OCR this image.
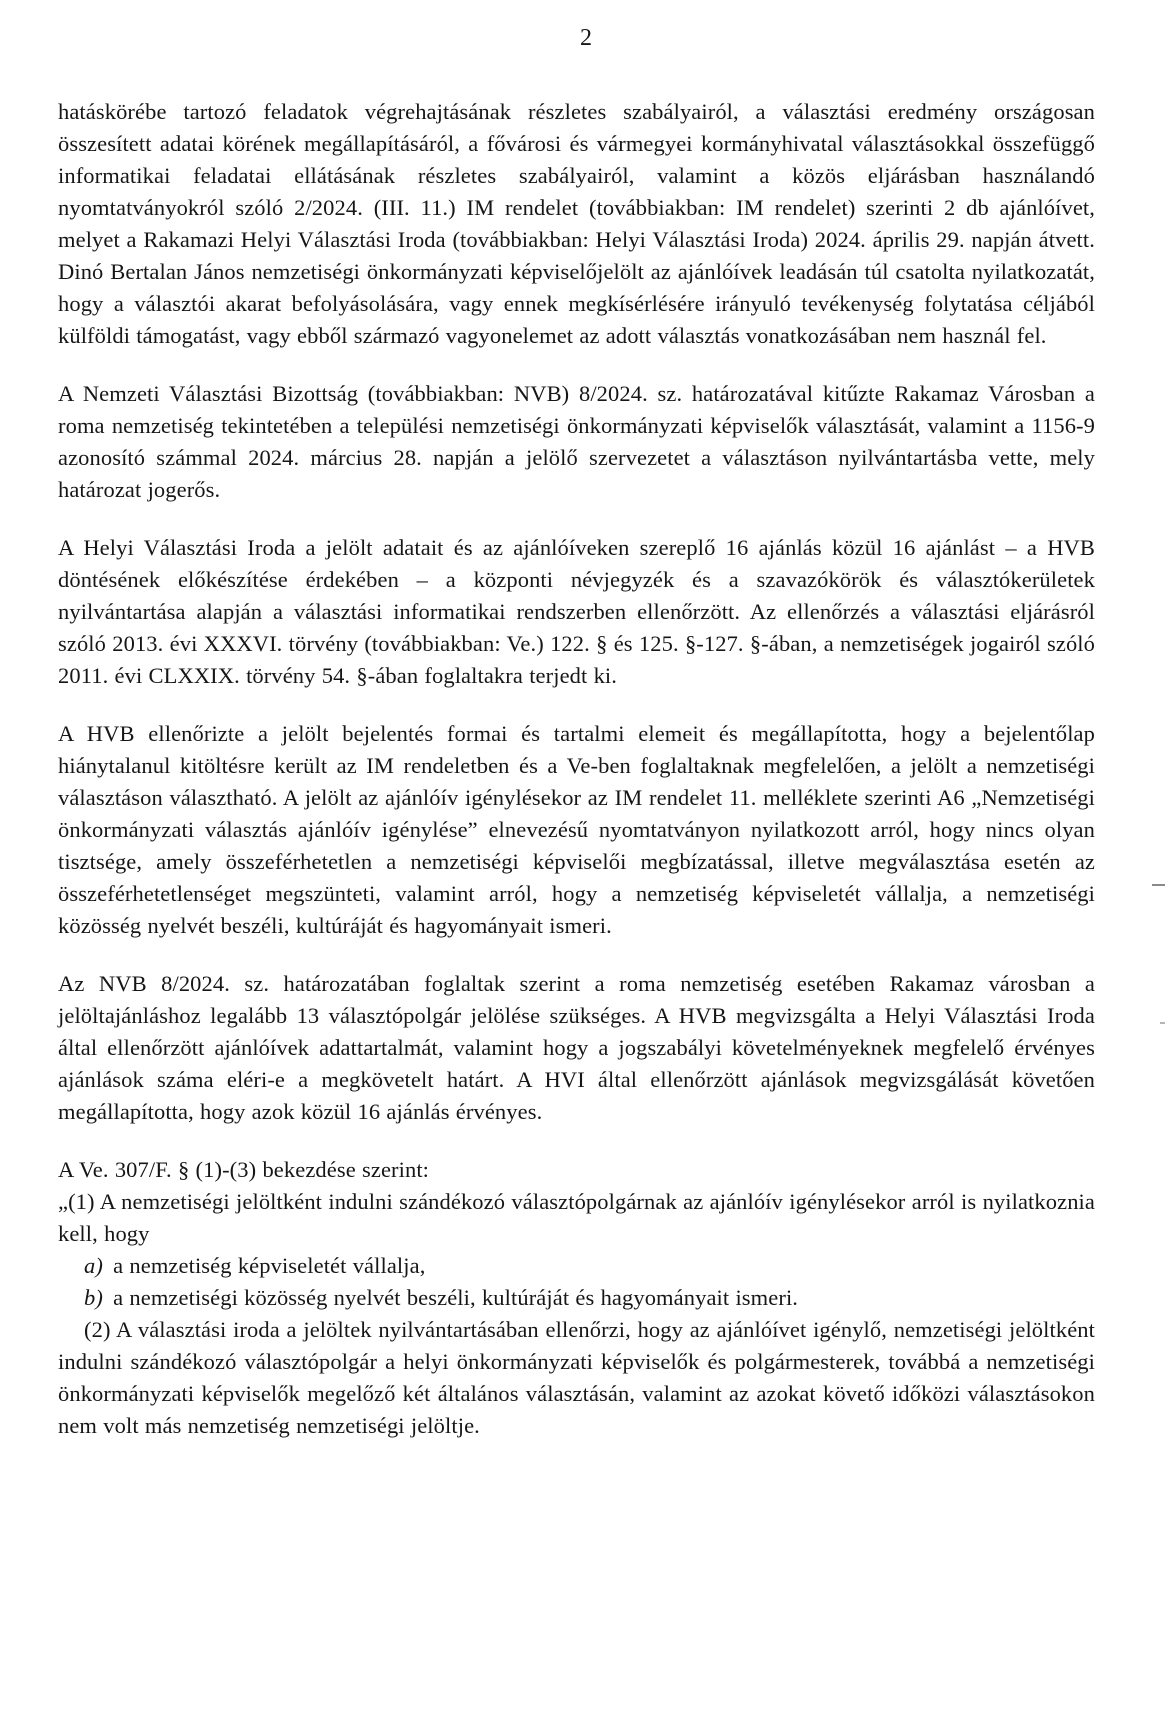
2

hatáskörébe tartozó feladatok végrehajtásának részletes szabályairól, a választási eredmény országosan összesített adatai körének megállapításáról, a fővárosi és vármegyei kormányhivatal választásokkal összefüggő informatikai feladatai ellátásának részletes szabályairól, valamint a közös eljárásban használandó nyomtatványokról szóló 2/2024. (III. 11.) IM rendelet (továbbiakban: IM rendelet) szerinti 2 db ajánlóívet, melyet a Rakamazi Helyi Választási Iroda (továbbiakban: Helyi Választási Iroda) 2024. április 29. napján átvett. Dinó Bertalan János nemzetiségi önkormányzati képviselőjelölt az ajánlóívek leadásán túl csatolta nyilatkozatát, hogy a választói akarat befolyásolására, vagy ennek megkísérlésére irányuló tevékenység folytatása céljából külföldi támogatást, vagy ebből származó vagyonelemet az adott választás vonatkozásában nem használ fel.

A Nemzeti Választási Bizottság (továbbiakban: NVB) 8/2024. sz. határozatával kitűzte Rakamaz Városban a roma nemzetiség tekintetében a települési nemzetiségi önkormányzati képviselők választását, valamint a 1156-9 azonosító számmal 2024. március 28. napján a jelölő szervezetet a választáson nyilvántartásba vette, mely határozat jogerős.

A Helyi Választási Iroda a jelölt adatait és az ajánlóíveken szereplő 16 ajánlás közül 16 ajánlást – a HVB döntésének előkészítése érdekében – a központi névjegyzék és a szavazókörök és választókerületek nyilvántartása alapján a választási informatikai rendszerben ellenőrzött. Az ellenőrzés a választási eljárásról szóló 2013. évi XXXVI. törvény (továbbiakban: Ve.) 122. § és 125. §-127. §-ában, a nemzetiségek jogairól szóló 2011. évi CLXXIX. törvény 54. §-ában foglaltakra terjedt ki.

A HVB ellenőrizte a jelölt bejelentés formai és tartalmi elemeit és megállapította, hogy a bejelentőlap hiánytalanul kitöltésre került az IM rendeletben és a Ve-ben foglaltaknak megfelelően, a jelölt a nemzetiségi választáson választható. A jelölt az ajánlóív igénylésekor az IM rendelet 11. melléklete szerinti A6 „Nemzetiségi önkormányzati választás ajánlóív igénylése” elnevezésű nyomtatványon nyilatkozott arról, hogy nincs olyan tisztsége, amely összeférhetetlen a nemzetiségi képviselői megbízatással, illetve megválasztása esetén az összeférhetetlenséget megszünteti, valamint arról, hogy a nemzetiség képviseletét vállalja, a nemzetiségi közösség nyelvét beszéli, kultúráját és hagyományait ismeri.

Az NVB 8/2024. sz. határozatában foglaltak szerint a roma nemzetiség esetében Rakamaz városban a jelöltajánláshoz legalább 13 választópolgár jelölése szükséges. A HVB megvizsgálta a Helyi Választási Iroda által ellenőrzött ajánlóívek adattartalmát, valamint hogy a jogszabályi követelményeknek megfelelő érvényes ajánlások száma eléri-e a megkövetelt határt. A HVI által ellenőrzött ajánlások megvizsgálását követően megállapította, hogy azok közül 16 ajánlás érvényes.

A Ve. 307/F. § (1)-(3) bekezdése szerint:

„(1) A nemzetiségi jelöltként indulni szándékozó választópolgárnak az ajánlóív igénylésekor arról is nyilatkoznia kell, hogy

a) a nemzetiség képviseletét vállalja,

b) a nemzetiségi közösség nyelvét beszéli, kultúráját és hagyományait ismeri.

(2) A választási iroda a jelöltek nyilvántartásában ellenőrzi, hogy az ajánlóívet igénylő, nemzetiségi jelöltként indulni szándékozó választópolgár a helyi önkormányzati képviselők és polgármesterek, továbbá a nemzetiségi önkormányzati képviselők megelőző két általános választásán, valamint az azokat követő időközi választásokon nem volt más nemzetiség nemzetiségi jelöltje.
